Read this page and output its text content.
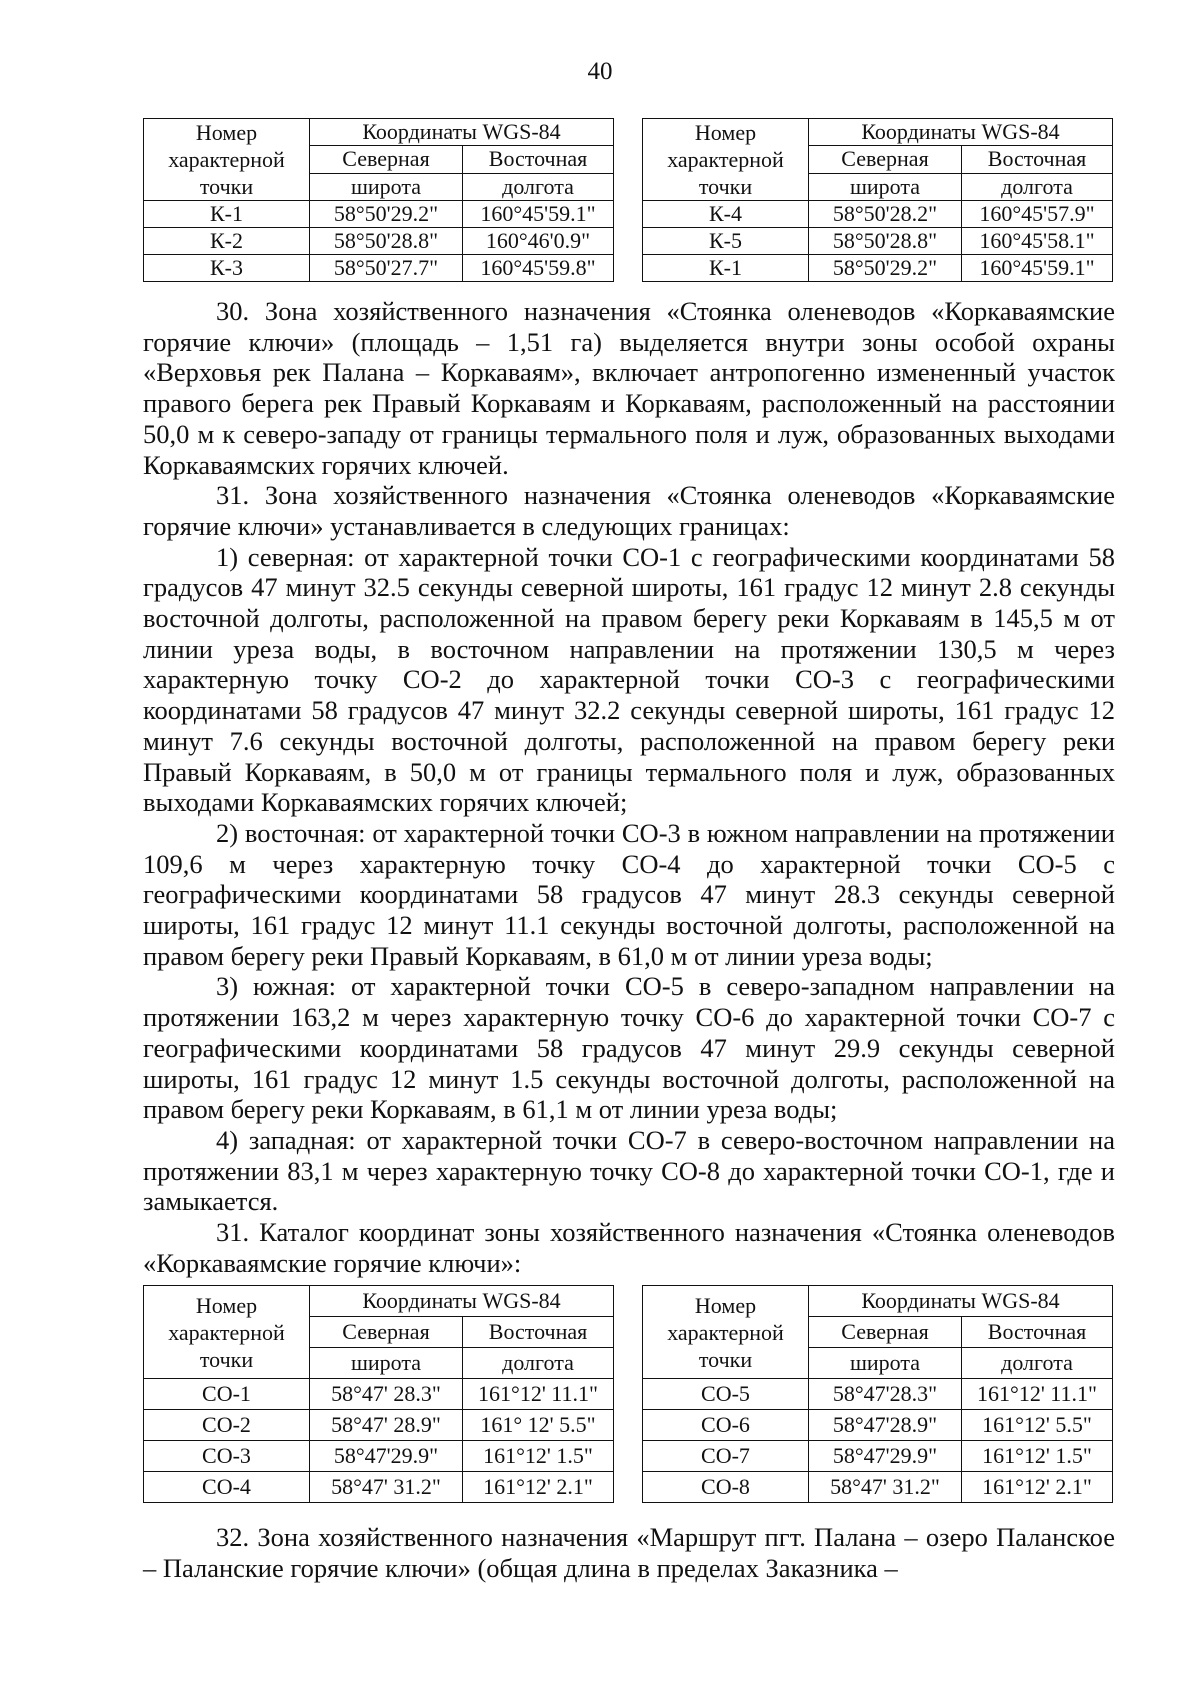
40
Номер
характерной
точки	Координаты WGS-84	
	Северная	Восточная
	широта	долгота
К-1	58°50'29.2"	160°45'59.1"
К-2	58°50'28.8"	160°46'0.9"
К-3	58°50'27.7"	160°45'59.8"
Номер
характерной
точки	Координаты WGS-84	
	Северная	Восточная
	широта	долгота
К-4	58°50'28.2"	160°45'57.9"
К-5	58°50'28.8"	160°45'58.1"
К-1	58°50'29.2"	160°45'59.1"

30. Зона хозяйственного назначения «Стоянка оленеводов «Коркаваямские горячие ключи» (площадь – 1,51 га) выделяется внутри зоны особой охраны «Верховья рек Палана – Коркаваям», включает антропогенно измененный участок правого берега рек Правый Коркаваям и Коркаваям, расположенный на расстоянии 50,0 м к северо-западу от границы термального поля и луж, образованных выходами Коркаваямских горячих ключей.

31. Зона хозяйственного назначения «Стоянка оленеводов «Коркаваямские горячие ключи» устанавливается в следующих границах:

1) северная: от характерной точки СО-1 с географическими координатами 58 градусов 47 минут 32.5 секунды северной широты, 161 градус 12 минут 2.8 секунды восточной долготы, расположенной на правом берегу реки Коркаваям в 145,5 м от линии уреза воды, в восточном направлении на протяжении 130,5 м через характерную точку СО-2 до характерной точки СО-3 с географическими координатами 58 градусов 47 минут 32.2 секунды северной широты, 161 градус 12 минут 7.6 секунды восточной долготы, расположенной на правом берегу реки Правый Коркаваям, в 50,0 м от границы термального поля и луж, образованных выходами Коркаваямских горячих ключей;

2) восточная: от характерной точки СО-3 в южном направлении на протяжении 109,6 м через характерную точку СО-4 до характерной точки СО-5 с географическими координатами 58 градусов 47 минут 28.3 секунды северной широты, 161 градус 12 минут 11.1 секунды восточной долготы, расположенной на правом берегу реки Правый Коркаваям, в 61,0 м от линии уреза воды;

3) южная: от характерной точки СО-5 в северо-западном направлении на протяжении 163,2 м через характерную точку СО-6 до характерной точки СО-7 с географическими координатами 58 градусов 47 минут 29.9 секунды северной широты, 161 градус 12 минут 1.5 секунды восточной долготы, расположенной на правом берегу реки Коркаваям, в 61,1 м от линии уреза воды;

4) западная: от характерной точки СО-7 в северо-восточном направлении на протяжении 83,1 м через характерную точку СО-8 до характерной точки СО-1, где и замыкается.

31. Каталог координат зоны хозяйственного назначения «Стоянка оленеводов «Коркаваямские горячие ключи»:

Номер
характерной
точки	Координаты WGS-84	
	Северная	Восточная
	широта	долгота
СО-1	58°47' 28.3"	161°12' 11.1"
СО-2	58°47' 28.9"	161° 12' 5.5"
СО-3	58°47'29.9"	161°12' 1.5"
СО-4	58°47' 31.2"	161°12' 2.1"
Номер
характерной
точки	Координаты WGS-84	
	Северная	Восточная
	широта	долгота
СО-5	58°47'28.3"	161°12' 11.1"
СО-6	58°47'28.9"	161°12' 5.5"
СО-7	58°47'29.9"	161°12' 1.5"
СО-8	58°47' 31.2"	161°12' 2.1"

32. Зона хозяйственного назначения «Маршрут пгт. Палана – озеро Паланское – Паланские горячие ключи» (общая длина в пределах Заказника –
